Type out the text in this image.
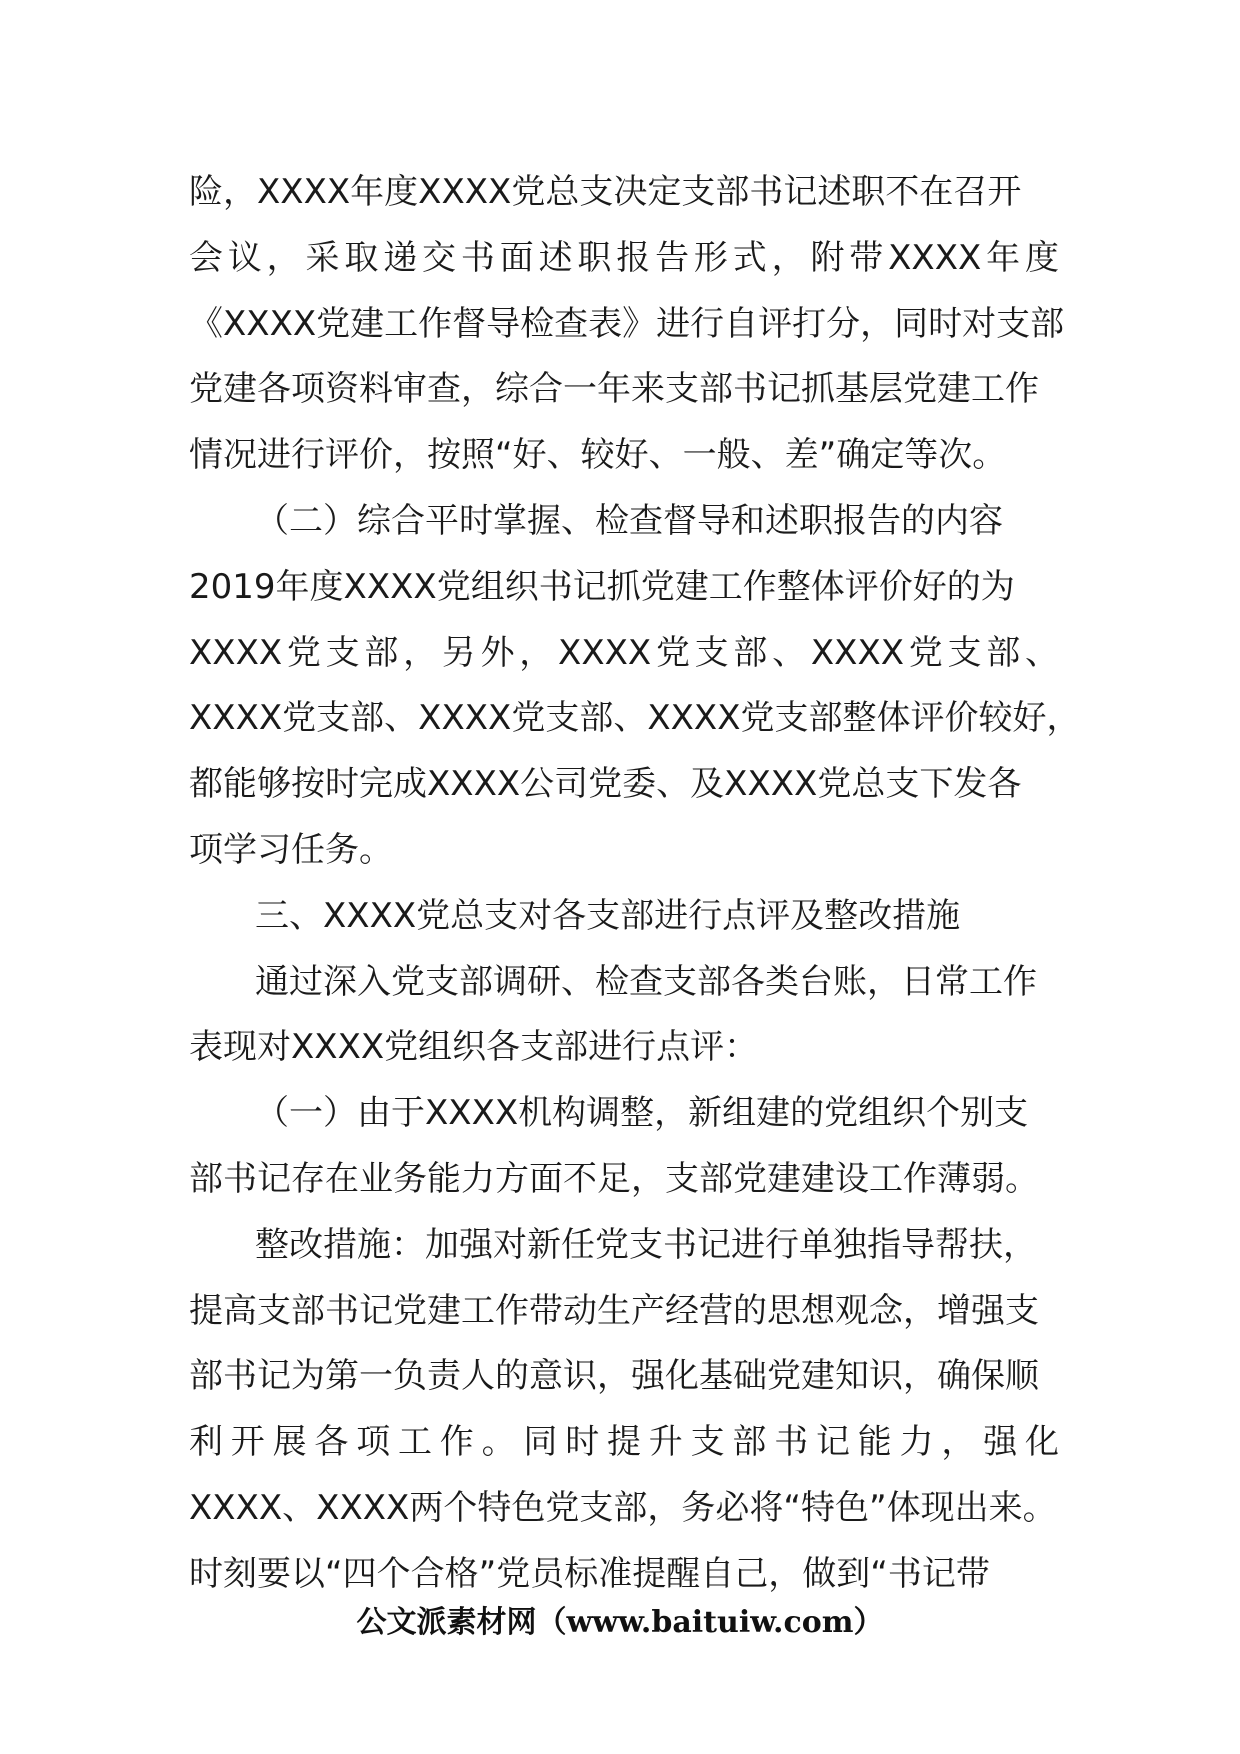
险，XXXX年度XXXX党总支决定支部书记述职不在召开
会议，采取递交书面述职报告形式，附带XXXX年度
《XXXX党建工作督导检查表》进行自评打分，同时对支部
党建各项资料审查，综合一年来支部书记抓基层党建工作
情况进行评价，按照“好、较好、一般、差”确定等次。
（二）综合平时掌握、检查督导和述职报告的内容
2019年度XXXX党组织书记抓党建工作整体评价好的为
XXXX党支部，另外，XXXX党支部、XXXX党支部、
XXXX党支部、XXXX党支部、XXXX党支部整体评价较好，
都能够按时完成XXXX公司党委、及XXXX党总支下发各
项学习任务。
三、XXXX党总支对各支部进行点评及整改措施
通过深入党支部调研、检查支部各类台账，日常工作
表现对XXXX党组织各支部进行点评：
（一）由于XXXX机构调整，新组建的党组织个别支
部书记存在业务能力方面不足，支部党建建设工作薄弱。
整改措施：加强对新任党支书记进行单独指导帮扶，
提高支部书记党建工作带动生产经营的思想观念，增强支
部书记为第一负责人的意识，强化基础党建知识，确保顺
利开展各项工作。同时提升支部书记能力，强化
XXXX、XXXX两个特色党支部，务必将“特色”体现出来。
时刻要以“四个合格”党员标准提醒自己，做到“书记带
公文派素材网（www.baituiw.com）
